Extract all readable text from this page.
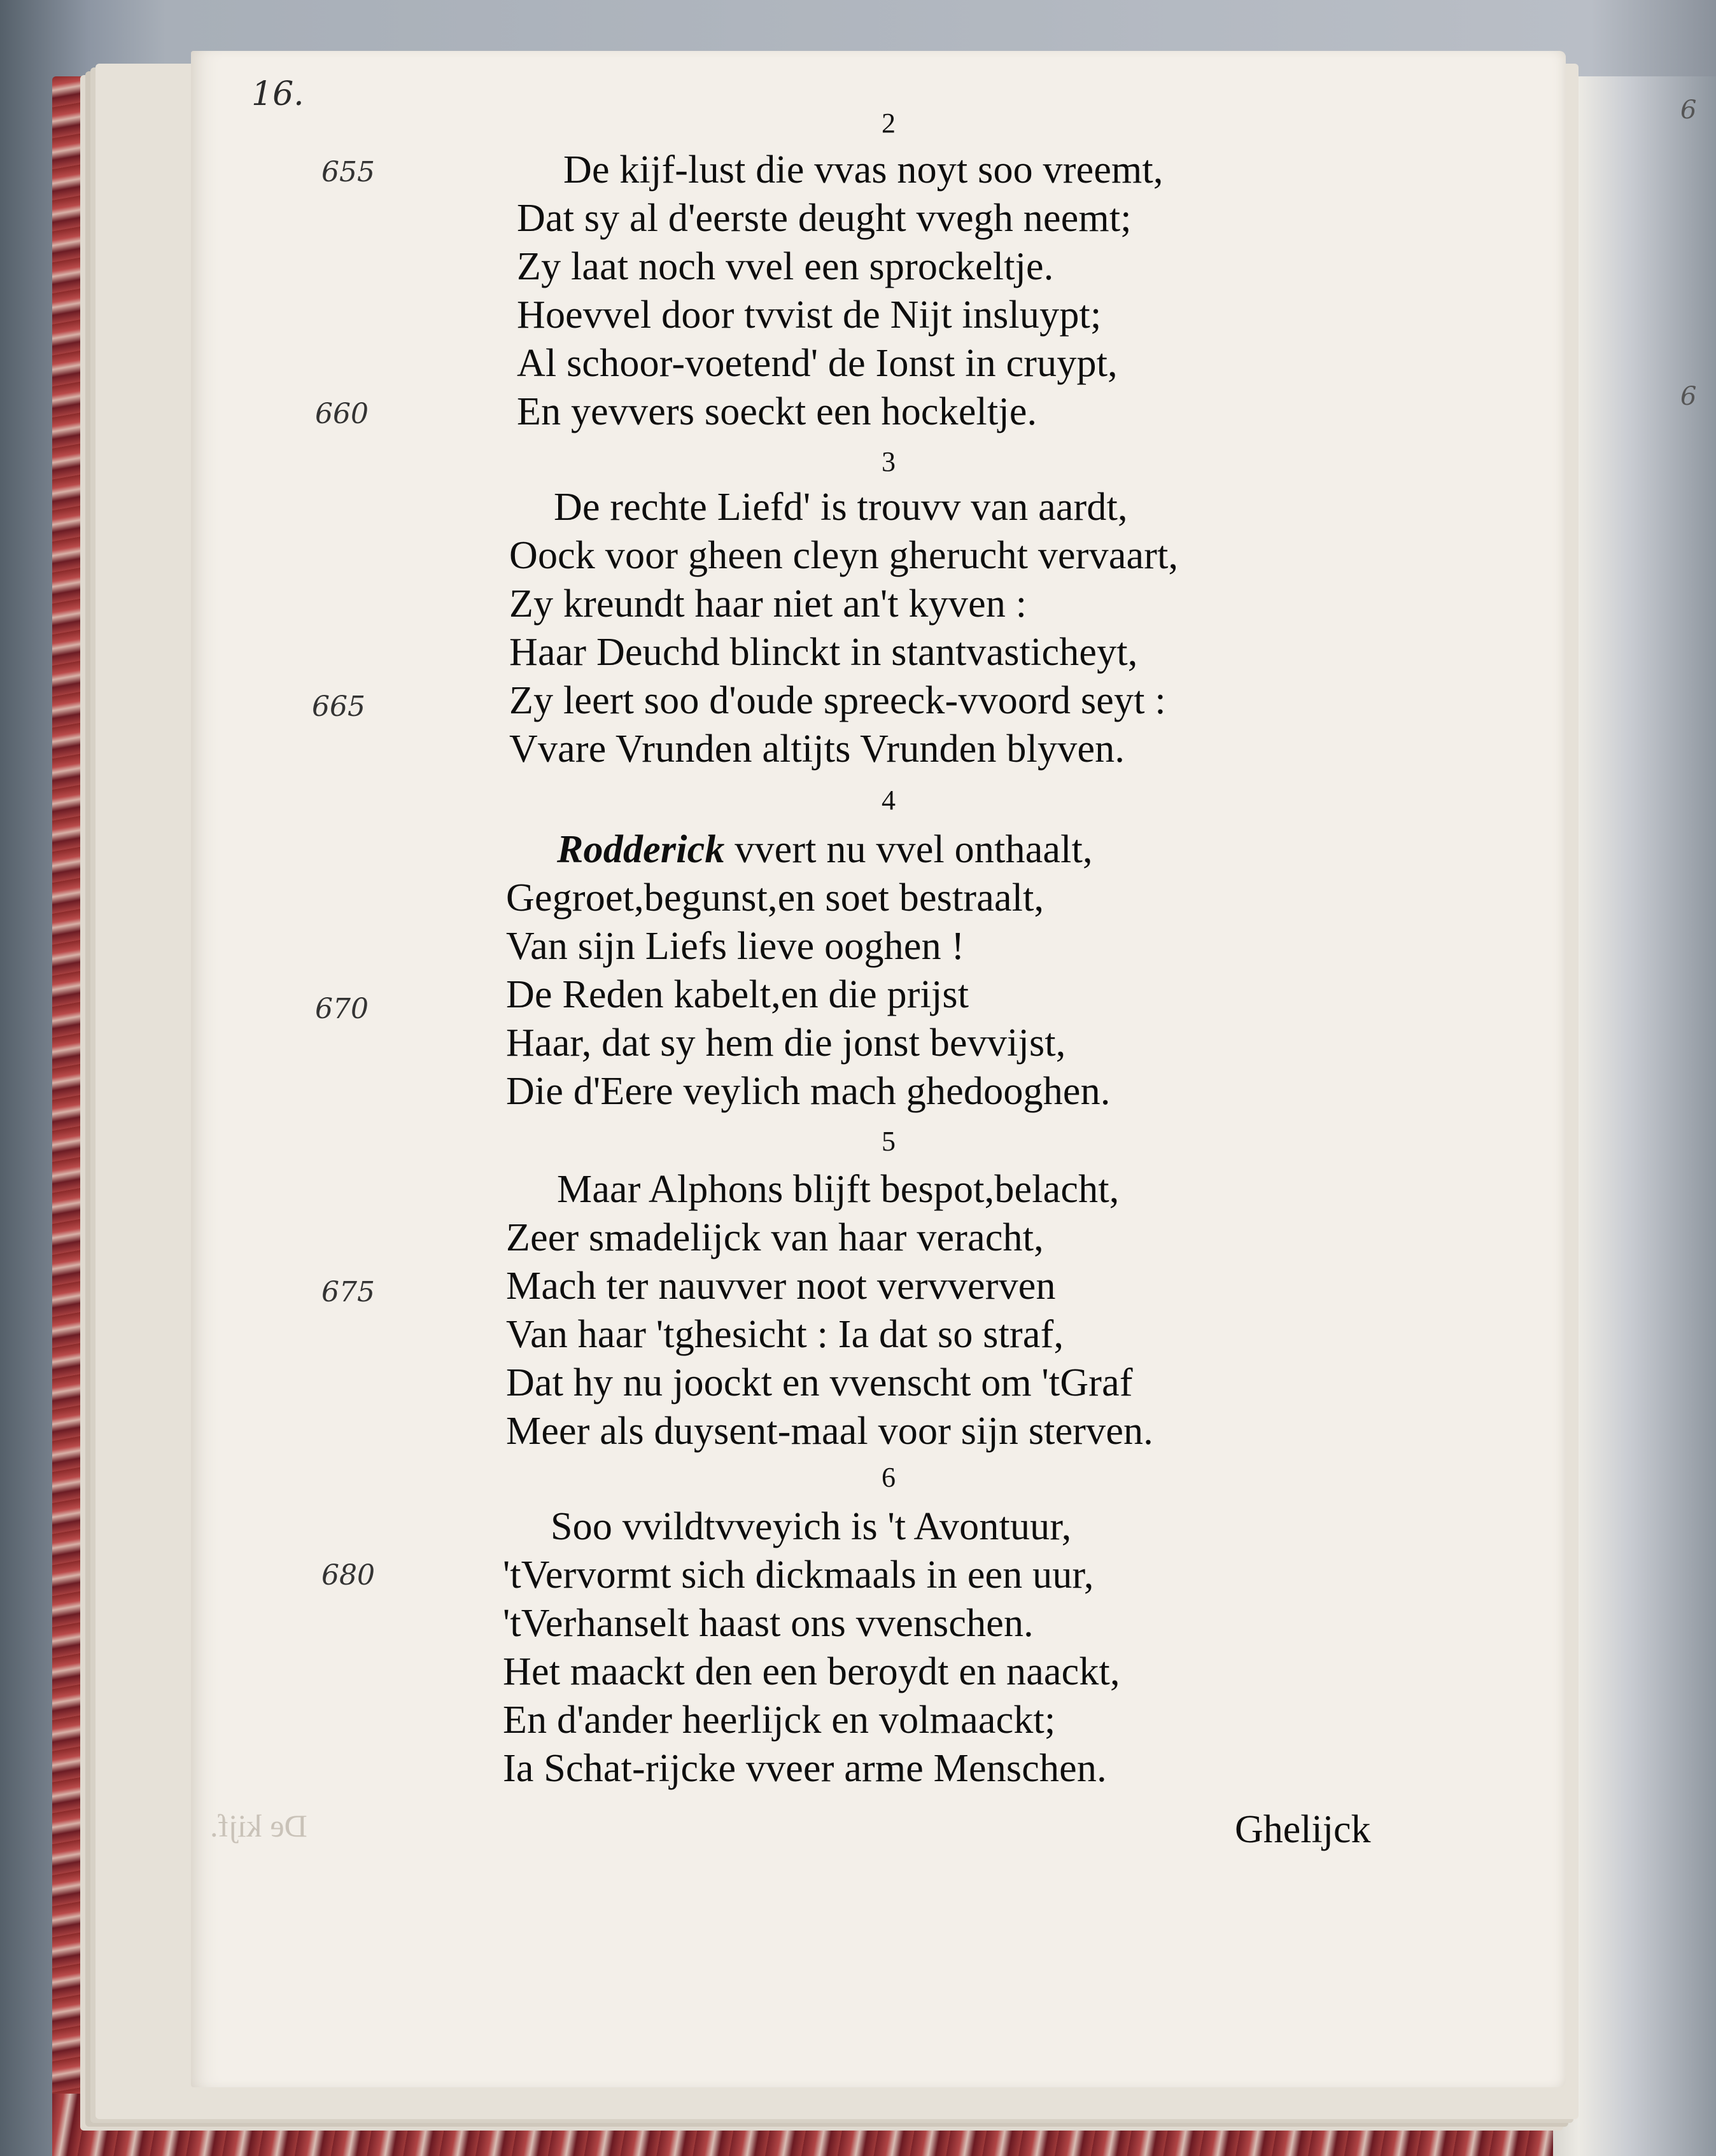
16.	6
6
655
660
665
670
675
680
2
De kijf-lust die vvas noyt soo vreemt,
Dat sy al d'eerste deught vvegh neemt;
Zy laat noch vvel een sprockeltje.
Hoevvel door tvvist de Nijt insluypt;
Al schoor-voetend' de Ionst in cruypt,
En yevvers soeckt een hockeltje.
3
De rechte Liefd' is trouvv van aardt,
Oock voor gheen cleyn gherucht vervaart,
Zy kreundt haar niet an't kyven :
Haar Deuchd blinckt in stantvasticheyt,
Zy leert soo d'oude spreeck-vvoord seyt :
Vvare Vrunden altijts Vrunden blyven.
4
Rodderick vvert nu vvel onthaalt,
Gegroet,begunst,en soet bestraalt,
Van sijn Liefs lieve ooghen !
De Reden kabelt,en die prijst
Haar, dat sy hem die jonst bevvijst,
Die d'Eere veylich mach ghedooghen.
5
Maar Alphons blijft bespot,belacht,
Zeer smadelijck van haar veracht,
Mach ter nauvver noot vervverven
Van haar 'tghesicht : Ia dat so straf,
Dat hy nu joockt en vvenscht om 'tGraf
Meer als duysent-maal voor sijn sterven.
6
Soo vvildtvveyich is 't Avontuur,
'tVervormt sich dickmaals in een uur,
'tVerhanselt haast ons vvenschen.
Het maackt den een beroydt en naackt,
En d'ander heerlijck en volmaackt;
Ia Schat-rijcke vveer arme Menschen.
De kijf.	Ghelijck
